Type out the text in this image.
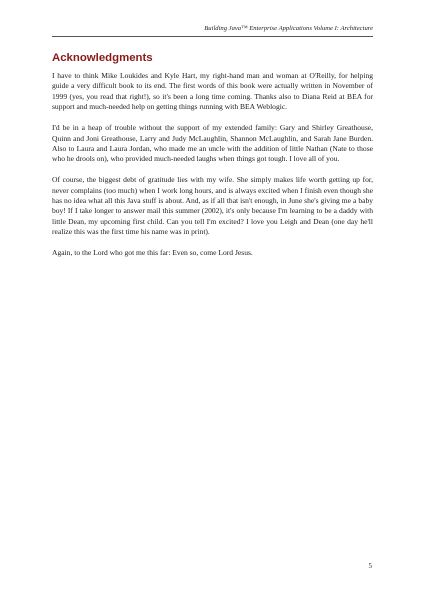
Building Java™ Enterprise Applications Volume I: Architecture
Acknowledgments

I have to think Mike Loukides and Kyle Hart, my right-hand man and woman at O'Reilly, for helping guide a very difficult book to its end. The first words of this book were actually written in November of 1999 (yes, you read that right!), so it's been a long time coming. Thanks also to Diana Reid at BEA for support and much-needed help on getting things running with BEA Weblogic.

I'd be in a heap of trouble without the support of my extended family: Gary and Shirley Greathouse, Quinn and Joni Greathouse, Larry and Judy McLaughlin, Shannon McLaughlin, and Sarah Jane Burden. Also to Laura and Laura Jordan, who made me an uncle with the addition of little Nathan (Nate to those who he drools on), who provided much-needed laughs when things got tough. I love all of you.

Of course, the biggest debt of gratitude lies with my wife. She simply makes life worth getting up for, never complains (too much) when I work long hours, and is always excited when I finish even though she has no idea what all this Java stuff is about. And, as if all that isn't enough, in June she's giving me a baby boy! If I take longer to answer mail this summer (2002), it's only because I'm learning to be a daddy with little Dean, my upcoming first child. Can you tell I'm excited? I love you Leigh and Dean (one day he'll realize this was the first time his name was in print).

Again, to the Lord who got me this far: Even so, come Lord Jesus.

5
